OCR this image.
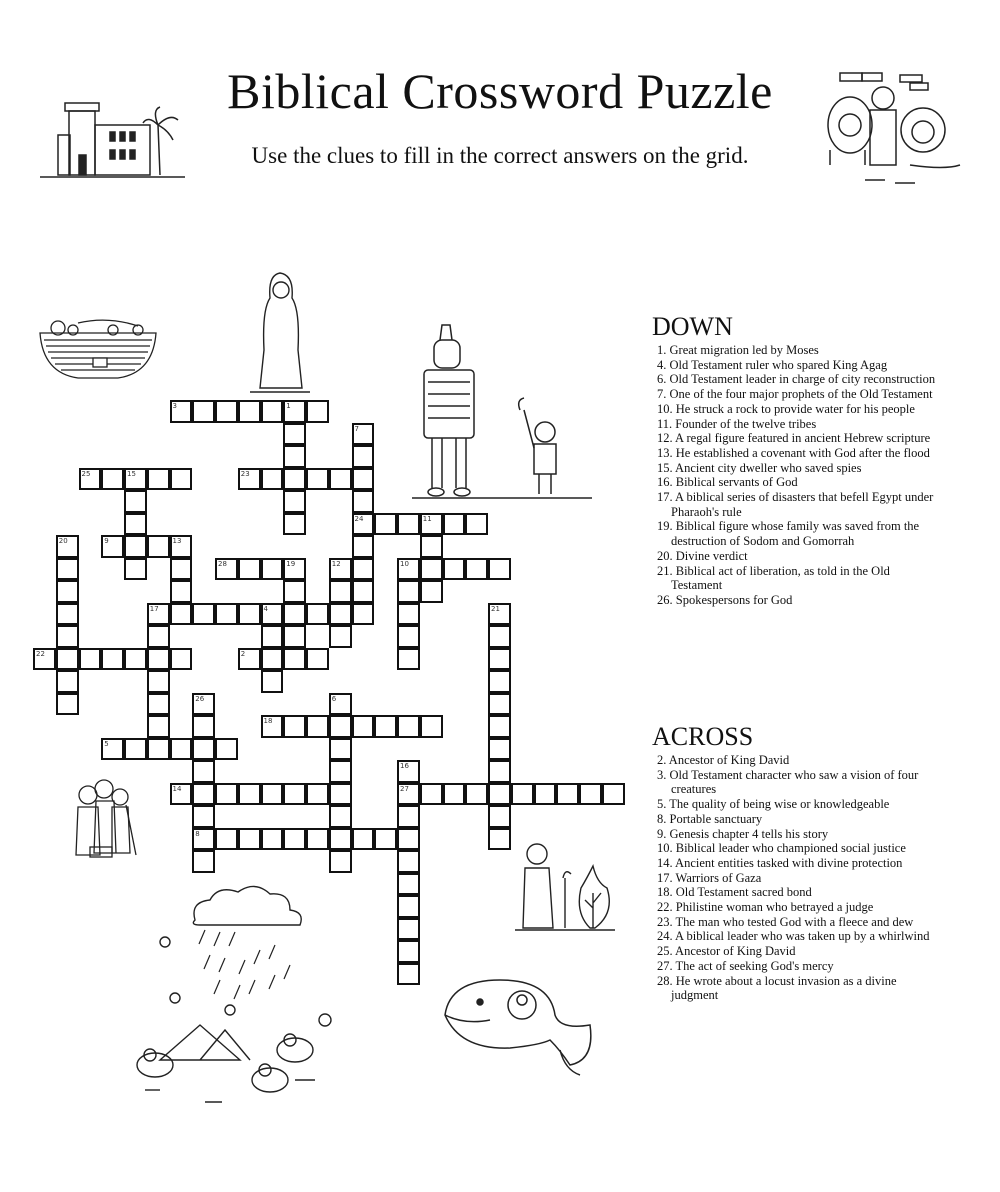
Biblical Crossword Puzzle
Use the clues to fill in the correct answers on the grid.
3	1
7
24
25	15	23
11
20	9	13
28	19	12	10
17	4	21
22	2
26
8
6
18
5
16
27
14
DOWN
1. Great migration led by Moses
4. Old Testament ruler who spared King Agag
6. Old Testament leader in charge of city reconstruction
7. One of the four major prophets of the Old Testament
10. He struck a rock to provide water for his people
11. Founder of the twelve tribes
12. A regal figure featured in ancient Hebrew scripture
13. He established a covenant with God after the flood
15. Ancient city dweller who saved spies
16. Biblical servants of God
17. A biblical series of disasters that befell Egypt under Pharaoh's rule
19. Biblical figure whose family was saved from the destruction of Sodom and Gomorrah
20. Divine verdict
21. Biblical act of liberation, as told in the Old Testament
26. Spokespersons for God
ACROSS
2. Ancestor of King David
3. Old Testament character who saw a vision of four creatures
5. The quality of being wise or knowledgeable
8. Portable sanctuary
9. Genesis chapter 4 tells his story
10. Biblical leader who championed social justice
14. Ancient entities tasked with divine protection
17. Warriors of Gaza
18. Old Testament sacred bond
22. Philistine woman who betrayed a judge
23. The man who tested God with a fleece and dew
24. A biblical leader who was taken up by a whirlwind
25. Ancestor of King David
27. The act of seeking God's mercy
28. He wrote about a locust invasion as a divine judgment
